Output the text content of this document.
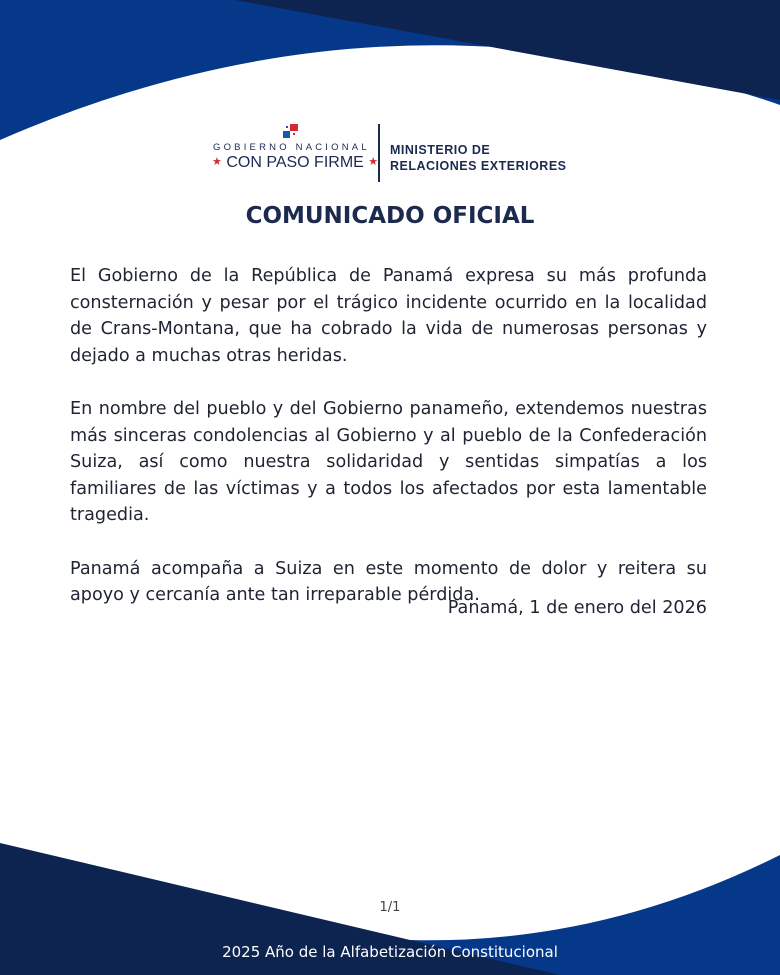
GOBIERNO NACIONAL
★ CON PASO FIRME ★
MINISTERIO DE
RELACIONES EXTERIORES
COMUNICADO OFICIAL

El Gobierno de la República de Panamá expresa su más profunda consternación y pesar por el trágico incidente ocurrido en la localidad de Crans-Montana, que ha cobrado la vida de numerosas personas y dejado a muchas otras heridas.

En nombre del pueblo y del Gobierno panameño, extendemos nuestras más sinceras condolencias al Gobierno y al pueblo de la Confederación Suiza, así como nuestra solidaridad y sentidas simpatías a los familiares de las víctimas y a todos los afectados por esta lamentable tragedia.

Panamá acompaña a Suiza en este momento de dolor y reitera su apoyo y cercanía ante tan irreparable pérdida.

Panamá, 1 de enero del 2026
1/1
2025 Año de la Alfabetización Constitucional
